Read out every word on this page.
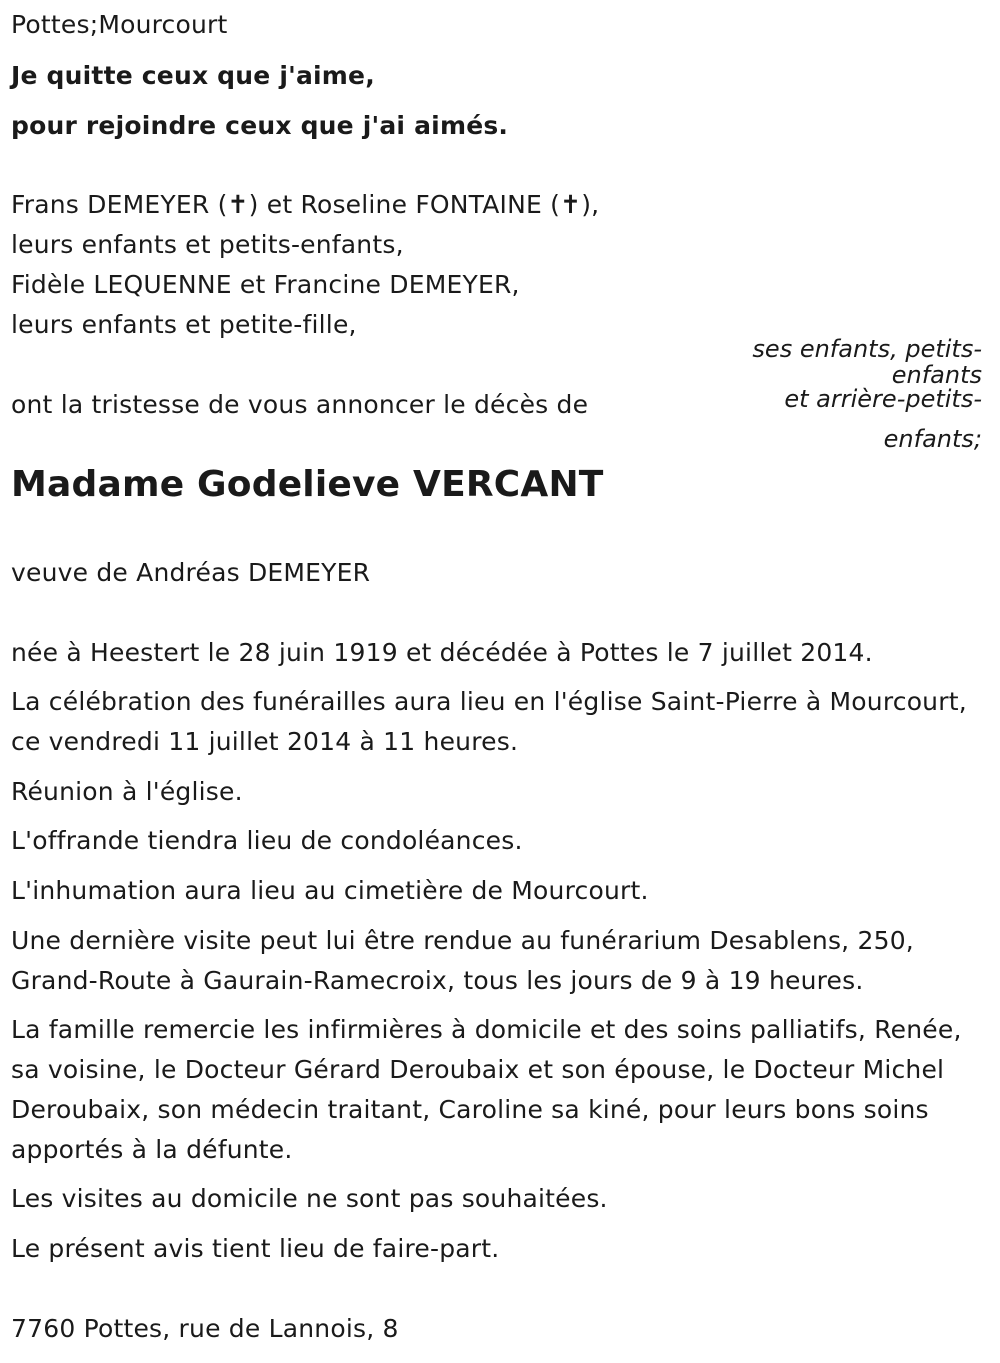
Pottes;Mourcourt
Je quitte ceux que j'aime,
pour rejoindre ceux que j'ai aimés.
Frans DEMEYER (✝) et Roseline FONTAINE (✝),
leurs enfants et petits-enfants,
Fidèle LEQUENNE et Francine DEMEYER,
leurs enfants et petite-fille,
ses enfants, petits-
enfants
et arrière-petits-
enfants;
ont la tristesse de vous annoncer le décès de
Madame Godelieve VERCANT
veuve de Andréas DEMEYER
née à Heestert le 28 juin 1919 et décédée à Pottes le 7 juillet 2014.
La célébration des funérailles aura lieu en l'église Saint-Pierre à Mourcourt, ce vendredi 11 juillet 2014 à 11 heures.
Réunion à l'église.
L'offrande tiendra lieu de condoléances.
L'inhumation aura lieu au cimetière de Mourcourt.
Une dernière visite peut lui être rendue au funérarium Desablens, 250, Grand-Route à Gaurain-Ramecroix, tous les jours de 9 à 19 heures.
La famille remercie les infirmières à domicile et des soins palliatifs, Renée, sa voisine, le Docteur Gérard Deroubaix et son épouse, le Docteur Michel Deroubaix, son médecin traitant, Caroline sa kiné, pour leurs bons soins apportés à la défunte.
Les visites au domicile ne sont pas souhaitées.
Le présent avis tient lieu de faire-part.
7760 Pottes, rue de Lannois, 8
